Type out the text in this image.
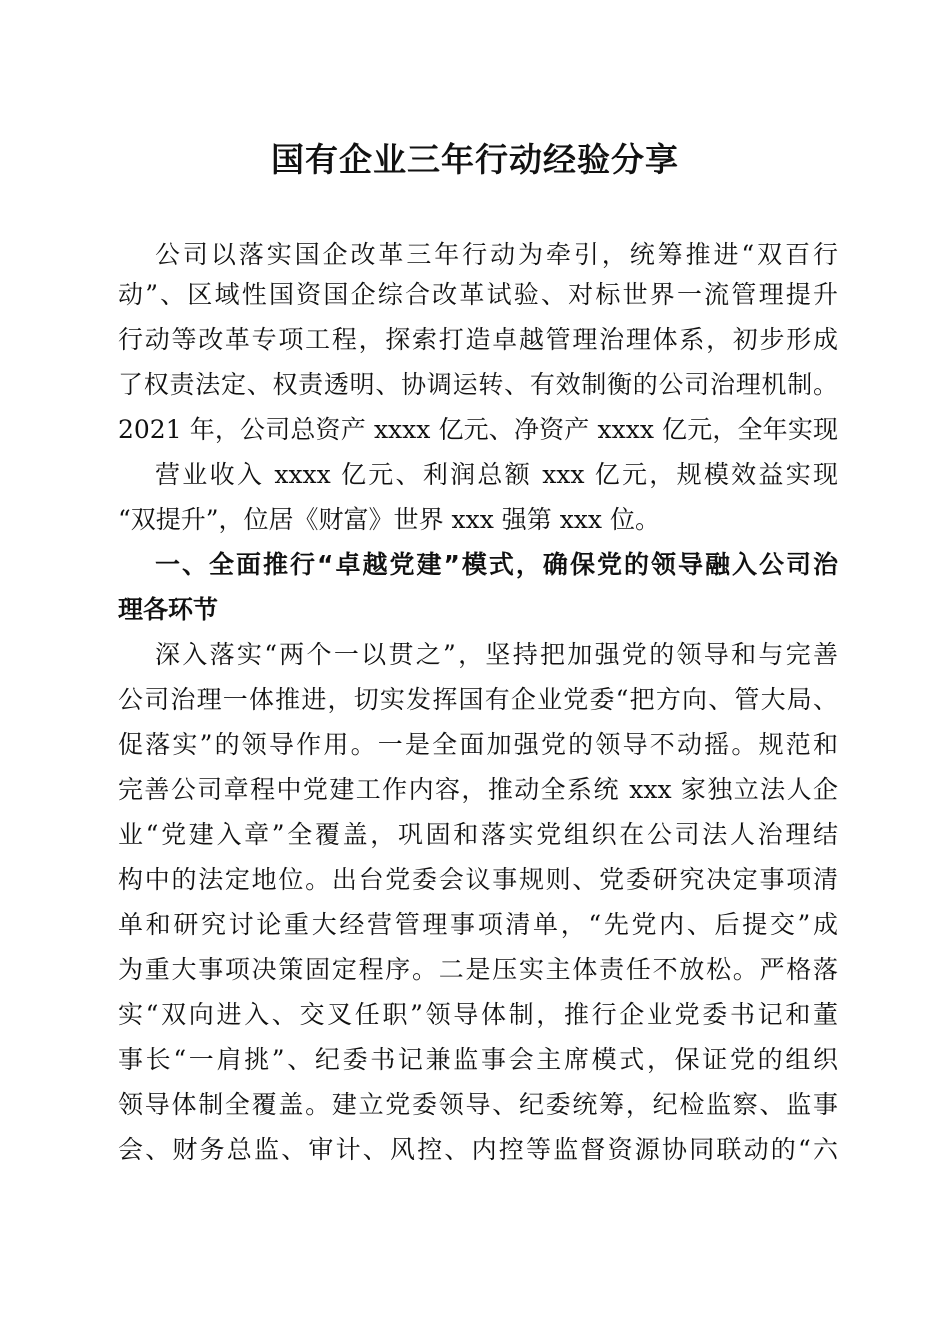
国有企业三年行动经验分享

公司以落实国企改革三年行动为牵引，统筹推进“双百行

动”、区域性国资国企综合改革试验、对标世界一流管理提升

行动等改革专项工程，探索打造卓越管理治理体系，初步形成

了权责法定、权责透明、协调运转、有效制衡的公司治理机制。

2021 年，公司总资产 xxxx 亿元、净资产 xxxx 亿元，全年实现

营业收入 xxxx 亿元、利润总额 xxx 亿元，规模效益实现

“双提升”，位居《财富》世界 xxx 强第 xxx 位。

一、全面推行“卓越党建”模式，确保党的领导融入公司治

理各环节

深入落实“两个一以贯之”，坚持把加强党的领导和与完善

公司治理一体推进，切实发挥国有企业党委“把方向、管大局、

促落实”的领导作用。一是全面加强党的领导不动摇。规范和

完善公司章程中党建工作内容，推动全系统 xxx 家独立法人企

业“党建入章”全覆盖，巩固和落实党组织在公司法人治理结

构中的法定地位。出台党委会议事规则、党委研究决定事项清

单和研究讨论重大经营管理事项清单，“先党内、后提交”成

为重大事项决策固定程序。二是压实主体责任不放松。严格落

实“双向进入、交叉任职”领导体制，推行企业党委书记和董

事长“一肩挑”、纪委书记兼监事会主席模式，保证党的组织

领导体制全覆盖。建立党委领导、纪委统筹，纪检监察、监事

会、财务总监、审计、风控、内控等监督资源协同联动的“六
